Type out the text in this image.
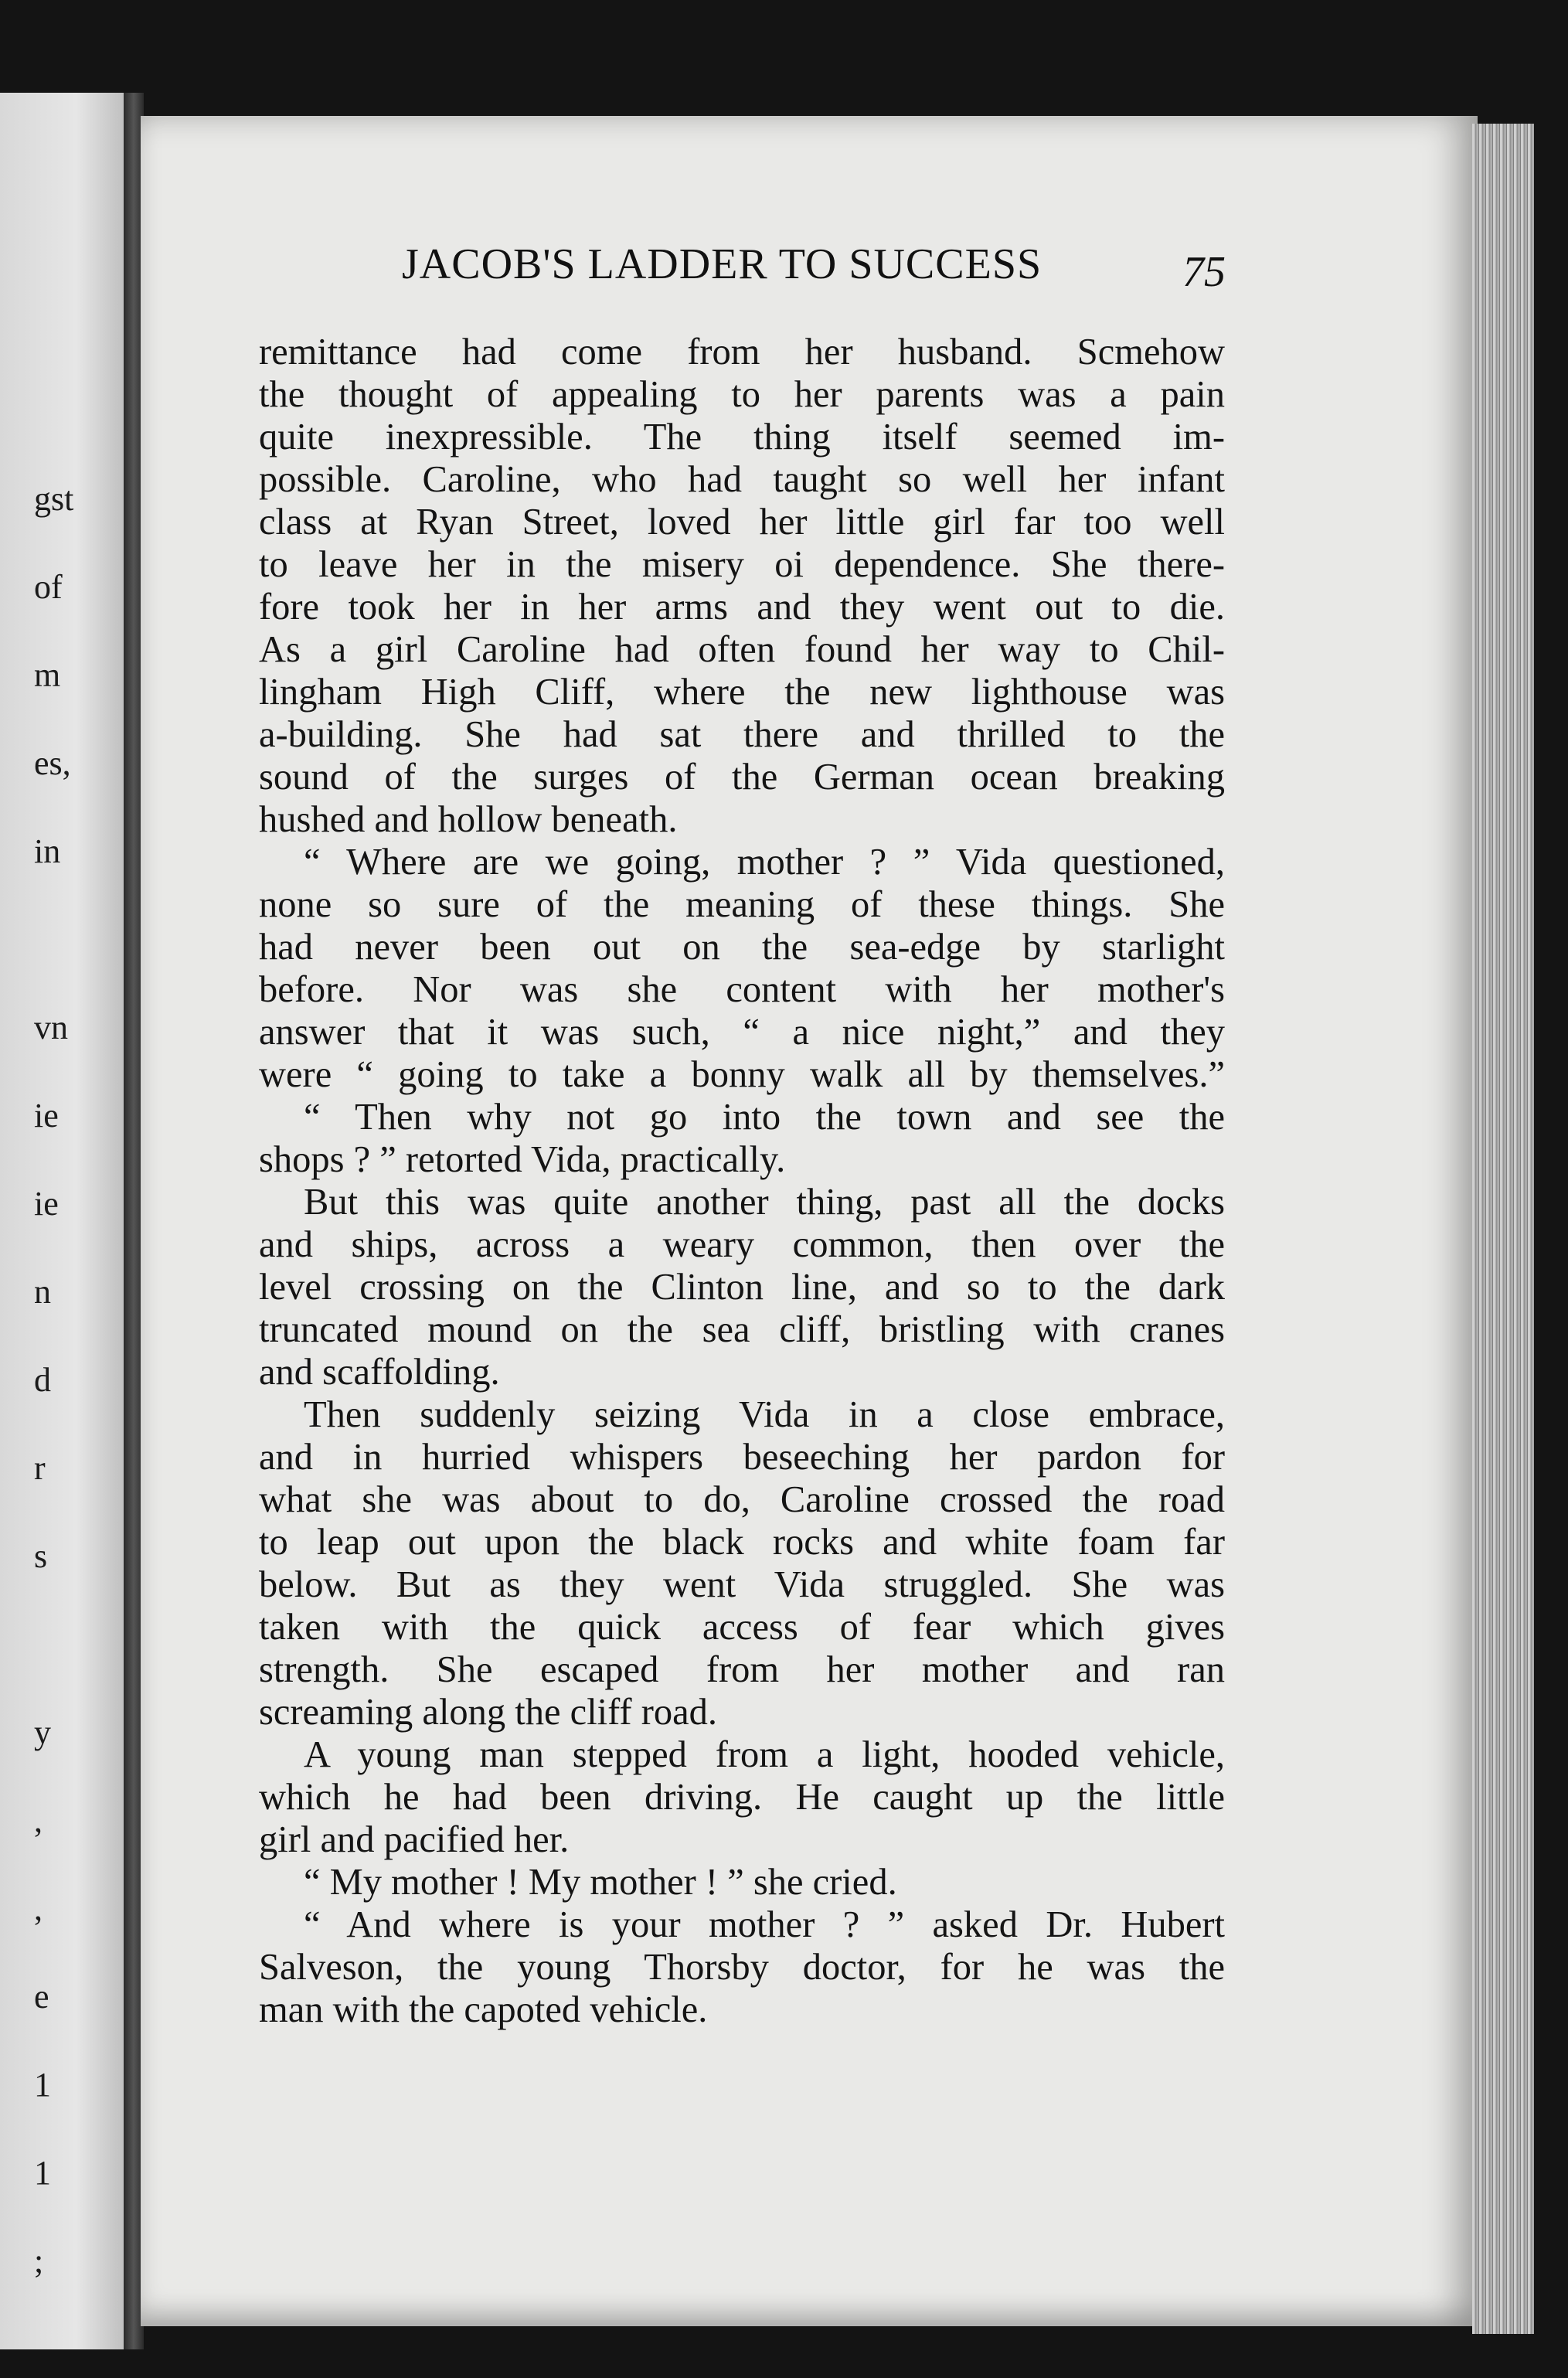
gst

of

m

es,

in

vn

ie

ie

n

d

r

s

y

,

,

e

1

1

;

JACOB'S LADDER TO SUCCESS	75
remittance had come from her husband. Scmehow
the thought of appealing to her parents was a pain
quite inexpressible. The thing itself seemed im-
possible. Caroline, who had taught so well her infant
class at Ryan Street, loved her little girl far too well
to leave her in the misery oi dependence. She there-
fore took her in her arms and they went out to die.
As a girl Caroline had often found her way to Chil-
lingham High Cliff, where the new lighthouse was
a-building. She had sat there and thrilled to the
sound of the surges of the German ocean breaking
hushed and hollow beneath.
“ Where are we going, mother ? ” Vida questioned,
none so sure of the meaning of these things. She
had never been out on the sea-edge by starlight
before. Nor was she content with her mother's
answer that it was such, “ a nice night,” and they
were “ going to take a bonny walk all by themselves.”
“ Then why not go into the town and see the
shops ? ” retorted Vida, practically.
But this was quite another thing, past all the docks
and ships, across a weary common, then over the
level crossing on the Clinton line, and so to the dark
truncated mound on the sea cliff, bristling with cranes
and scaffolding.
Then suddenly seizing Vida in a close embrace,
and in hurried whispers beseeching her pardon for
what she was about to do, Caroline crossed the road
to leap out upon the black rocks and white foam far
below. But as they went Vida struggled. She was
taken with the quick access of fear which gives
strength. She escaped from her mother and ran
screaming along the cliff road.
A young man stepped from a light, hooded vehicle,
which he had been driving. He caught up the little
girl and pacified her.
“ My mother ! My mother ! ” she cried.
“ And where is your mother ? ” asked Dr. Hubert
Salveson, the young Thorsby doctor, for he was the
man with the capoted vehicle.
